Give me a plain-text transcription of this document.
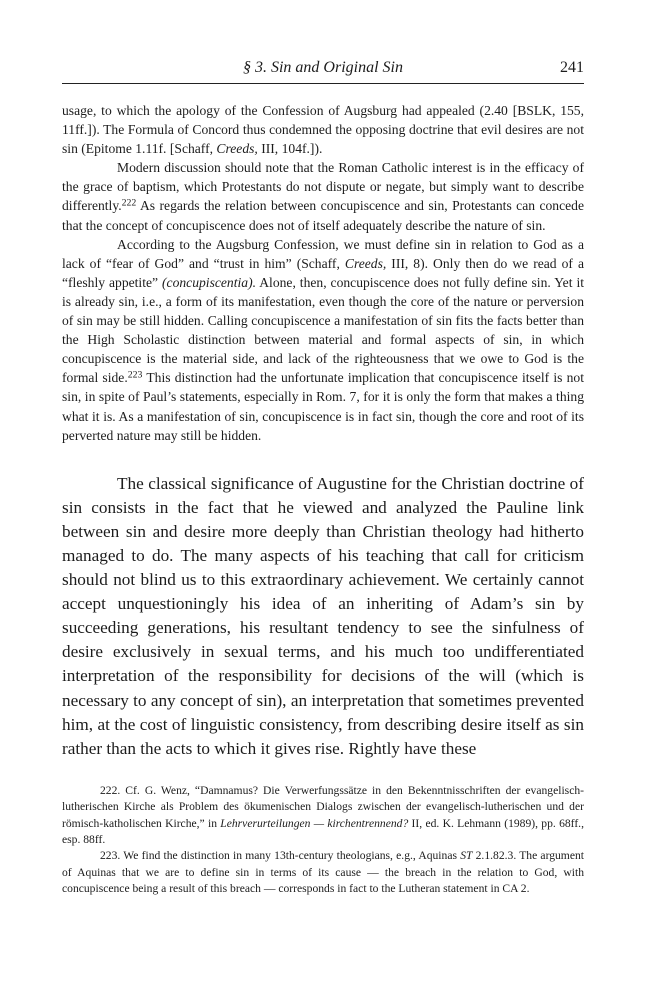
§ 3. Sin and Original Sin	241

usage, to which the apology of the Confession of Augsburg had appealed (2.40 [BSLK, 155, 11ff.]). The Formula of Concord thus condemned the opposing doctrine that evil desires are not sin (Epitome 1.11f. [Schaff, Creeds, III, 104f.]).

Modern discussion should note that the Roman Catholic interest is in the efficacy of the grace of baptism, which Protestants do not dispute or negate, but simply want to describe differently.$^{222}$ As regards the relation between concupiscence and sin, Protestants can concede that the concept of concupiscence does not of itself adequately describe the nature of sin.

According to the Augsburg Confession, we must define sin in relation to God as a lack of “fear of God” and “trust in him” (Schaff, Creeds, III, 8). Only then do we read of a “fleshly appetite” (concupiscentia). Alone, then, concupiscence does not fully define sin. Yet it is already sin, i.e., a form of its manifestation, even though the core of the nature or perversion of sin may be still hidden. Calling concupiscence a manifestation of sin fits the facts better than the High Scholastic distinction between material and formal aspects of sin, in which concupiscence is the material side, and lack of the righteousness that we owe to God is the formal side.$^{223}$ This distinction had the unfortunate implication that concupiscence itself is not sin, in spite of Paul’s statements, especially in Rom. 7, for it is only the form that makes a thing what it is. As a manifestation of sin, concupiscence is in fact sin, though the core and root of its perverted nature may still be hidden.

The classical significance of Augustine for the Christian doctrine of sin consists in the fact that he viewed and analyzed the Pauline link between sin and desire more deeply than Christian theology had hitherto managed to do. The many aspects of his teaching that call for criticism should not blind us to this extraordinary achievement. We certainly cannot accept unquestioningly his idea of an inheriting of Adam’s sin by succeeding generations, his resultant tendency to see the sinfulness of desire exclusively in sexual terms, and his much too undifferentiated interpretation of the responsibility for decisions of the will (which is necessary to any concept of sin), an interpretation that sometimes prevented him, at the cost of linguistic consistency, from describing desire itself as sin rather than the acts to which it gives rise. Rightly have these

222. Cf. G. Wenz, “Damnamus? Die Verwerfungssätze in den Bekenntnisschriften der evangelisch-lutherischen Kirche als Problem des ökumenischen Dialogs zwischen der evangelisch-lutherischen und der römisch-katholischen Kirche,” in Lehrverurteilungen — kirchentrennend? II, ed. K. Lehmann (1989), pp. 68ff., esp. 88ff.

223. We find the distinction in many 13th-century theologians, e.g., Aquinas ST 2.1.82.3. The argument of Aquinas that we are to define sin in terms of its cause — the breach in the relation to God, with concupiscence being a result of this breach — corresponds in fact to the Lutheran statement in CA 2.
